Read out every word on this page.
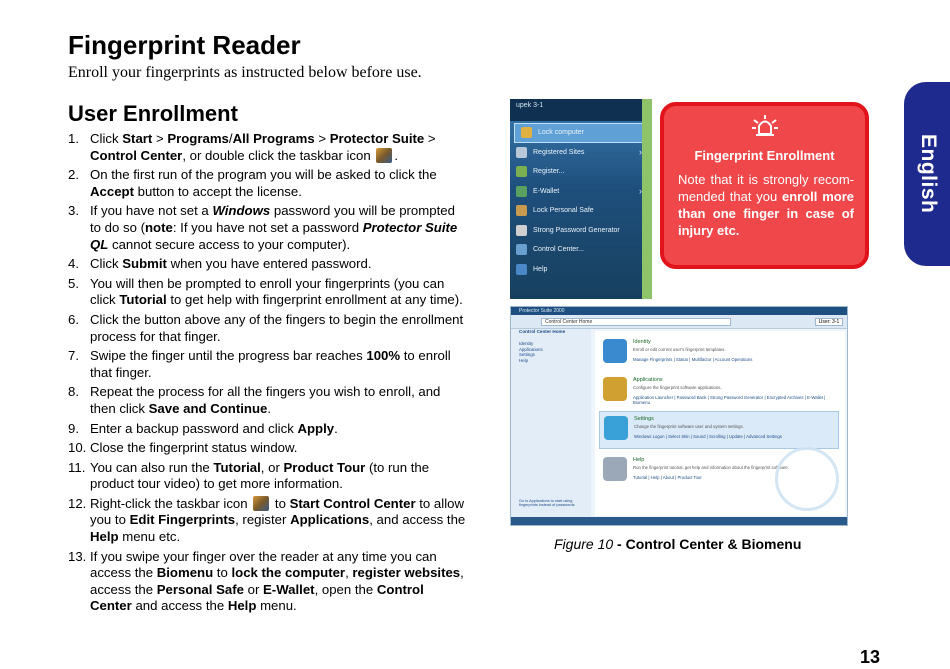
Fingerprint Reader
Enroll your fingerprints as instructed below before use.
User Enrollment
1. Click Start > Programs/All Programs > Protector Suite > Control Center, or double click the taskbar icon .
2. On the first run of the program you will be asked to click the Accept button to accept the license.
3. If you have not set a Windows password you will be prompted to do so (note: If you have not set a password Protector Suite QL cannot secure access to your computer).
4. Click Submit when you have entered password.
5. You will then be prompted to enroll your fingerprints (you can click Tutorial to get help with fingerprint enrollment at any time).
6. Click the button above any of the fingers to begin the enrollment process for that finger.
7. Swipe the finger until the progress bar reaches 100% to enroll that finger.
8. Repeat the process for all the fingers you wish to enroll, and then click Save and Continue.
9. Enter a backup password and click Apply.
10. Close the fingerprint status window.
11. You can also run the Tutorial, or Product Tour (to run the product tour video) to get more information.
12. Right-click the taskbar icon  to Start Control Center to allow you to Edit Fingerprints, register Applications, and access the Help menu etc.
13. If you swipe your finger over the reader at any time you can access the Biomenu to lock the computer, register websites, access the Personal Safe or E-Wallet, open the Control Center and access the Help menu.
upek 3-1
Lock computer
Registered Sites	›
Register...
E-Wallet	›
Lock Personal Safe
Strong Password Generator
Control Center...
Help
Fingerprint Enrollment
Note that it is strongly recom-mended that you enroll more than one finger in case of injury etc.
Protector Suite 2000
Control Center Home	User: 3-1
Control Center Home
Identity
Applications
Settings
Help
Go to Applications to start using fingerprints instead of passwords
Identity
Enroll or edit current user's fingerprint templates.
Manage Fingerprints | Status | Multifactor | Account Operations
Applications
Configure the fingerprint software applications.
Application Launcher | Password Bank | Strong Password Generator | Encrypted Archives | E-Wallet | Biomenu
Settings
Change the fingerprint software user and system settings.
Windows Logon | Select Skin | Sound | Scrolling | Update | Advanced Settings
Help
Run the fingerprint tutorial, get help and information about the fingerprint software.
Tutorial | Help | About | Product Tour
Figure 10 - Control Center & Biomenu
English
13
